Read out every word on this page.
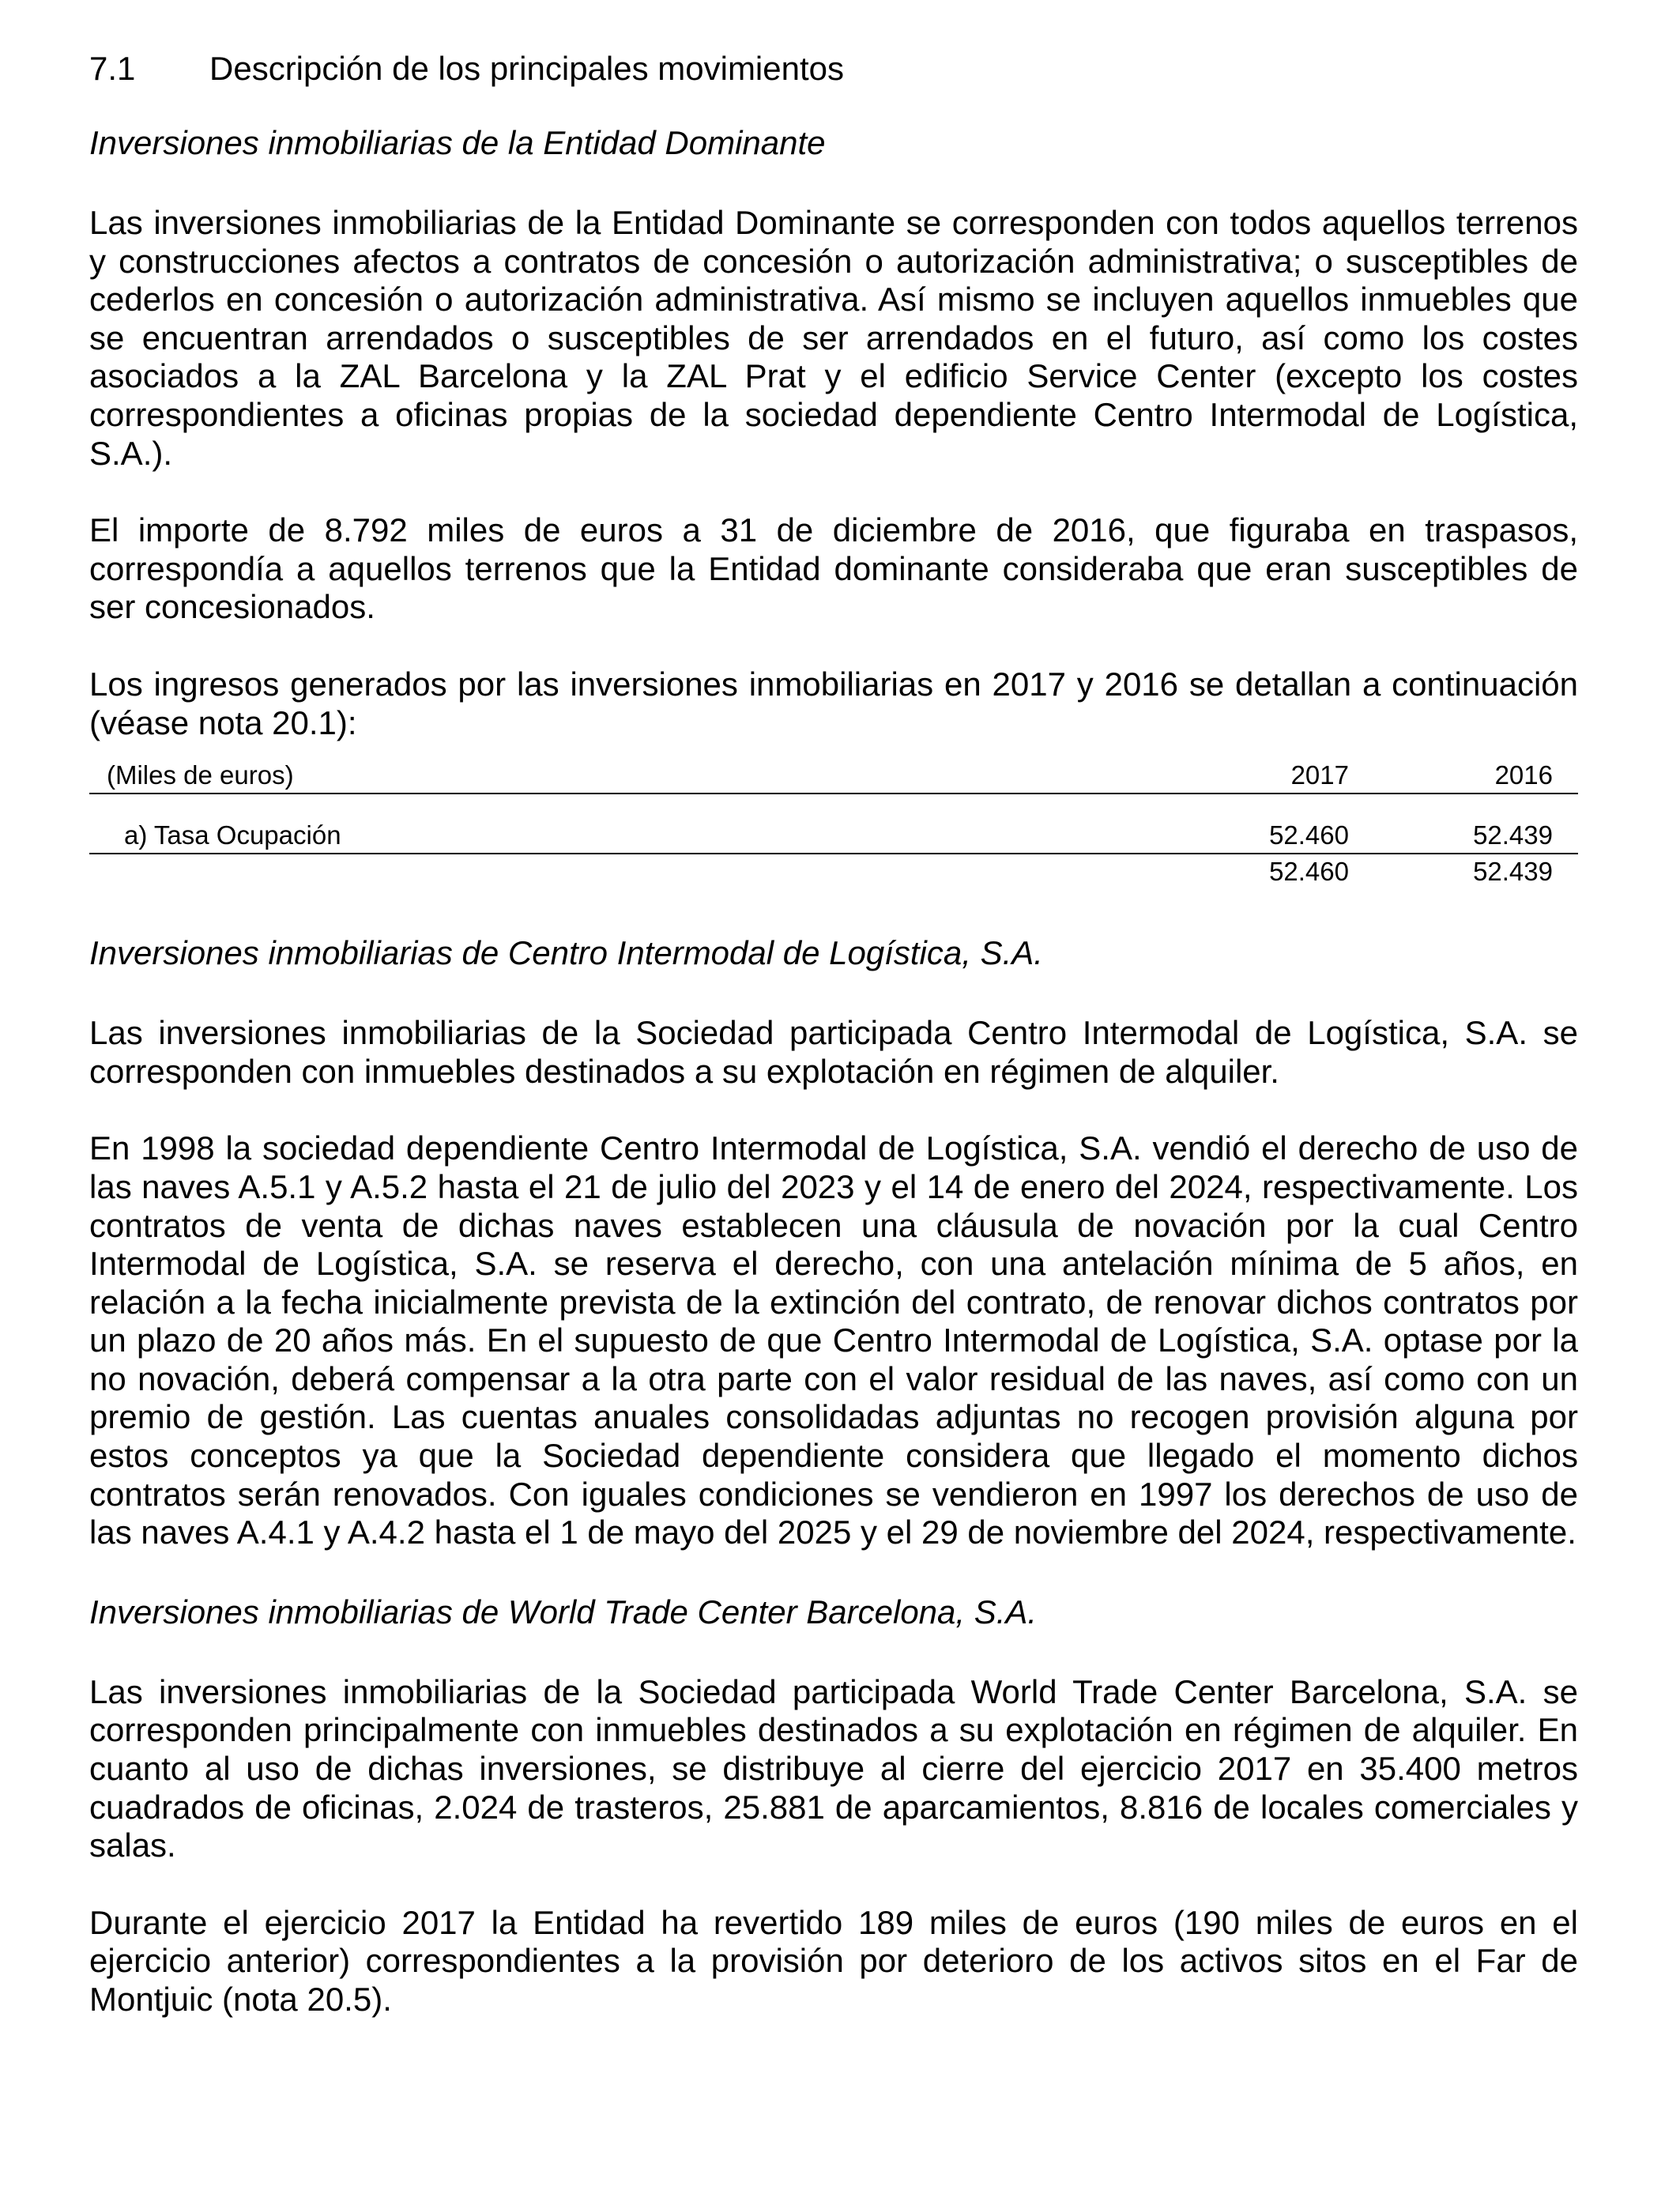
7.1	Descripción de los principales movimientos
Inversiones inmobiliarias de la Entidad Dominante

Las inversiones inmobiliarias de la Entidad Dominante se corresponden con todos aquellos terrenos y construcciones afectos a contratos de concesión o autorización administrativa; o susceptibles de cederlos en concesión o autorización administrativa. Así mismo se incluyen aquellos inmuebles que se encuentran arrendados o susceptibles de ser arrendados en el futuro, así como los costes asociados a la ZAL Barcelona y la ZAL Prat y el edificio Service Center (excepto los costes correspondientes a oficinas propias de la sociedad dependiente Centro Intermodal de Logística, S.A.).

El importe de 8.792 miles de euros a 31 de diciembre de 2016, que figuraba en traspasos, correspondía a aquellos terrenos que la Entidad dominante consideraba que eran susceptibles de ser concesionados.

Los ingresos generados por las inversiones inmobiliarias en 2017 y 2016 se detallan a continuación (véase nota 20.1):

(Miles de euros)	2017	2016
a) Tasa Ocupación	52.460	52.439
52.460	52.439
Inversiones inmobiliarias de Centro Intermodal de Logística, S.A.

Las inversiones inmobiliarias de la Sociedad participada Centro Intermodal de Logística, S.A. se corresponden con inmuebles destinados a su explotación en régimen de alquiler.

En 1998 la sociedad dependiente Centro Intermodal de Logística, S.A. vendió el derecho de uso de las naves A.5.1 y A.5.2 hasta el 21 de julio del 2023 y el 14 de enero del 2024, respectivamente. Los contratos de venta de dichas naves establecen una cláusula de novación por la cual Centro Intermodal de Logística, S.A. se reserva el derecho, con una antelación mínima de 5 años, en relación a la fecha inicialmente prevista de la extinción del contrato, de renovar dichos contratos por un plazo de 20 años más. En el supuesto de que Centro Intermodal de Logística, S.A. optase por la no novación, deberá compensar a la otra parte con el valor residual de las naves, así como con un premio de gestión. Las cuentas anuales consolidadas adjuntas no recogen provisión alguna por estos conceptos ya que la Sociedad dependiente considera que llegado el momento dichos contratos serán renovados. Con iguales condiciones se vendieron en 1997 los derechos de uso de las naves A.4.1 y A.4.2 hasta el 1 de mayo del 2025 y el 29 de noviembre del 2024, respectivamente.

Inversiones inmobiliarias de World Trade Center Barcelona, S.A.

Las inversiones inmobiliarias de la Sociedad participada World Trade Center Barcelona, S.A. se corresponden principalmente con inmuebles destinados a su explotación en régimen de alquiler. En cuanto al uso de dichas inversiones, se distribuye al cierre del ejercicio 2017 en 35.400 metros cuadrados de oficinas, 2.024 de trasteros, 25.881 de aparcamientos, 8.816 de locales comerciales y salas.

Durante el ejercicio 2017 la Entidad ha revertido 189 miles de euros (190 miles de euros en el ejercicio anterior) correspondientes a la provisión por deterioro de los activos sitos en el Far de Montjuic (nota 20.5).
